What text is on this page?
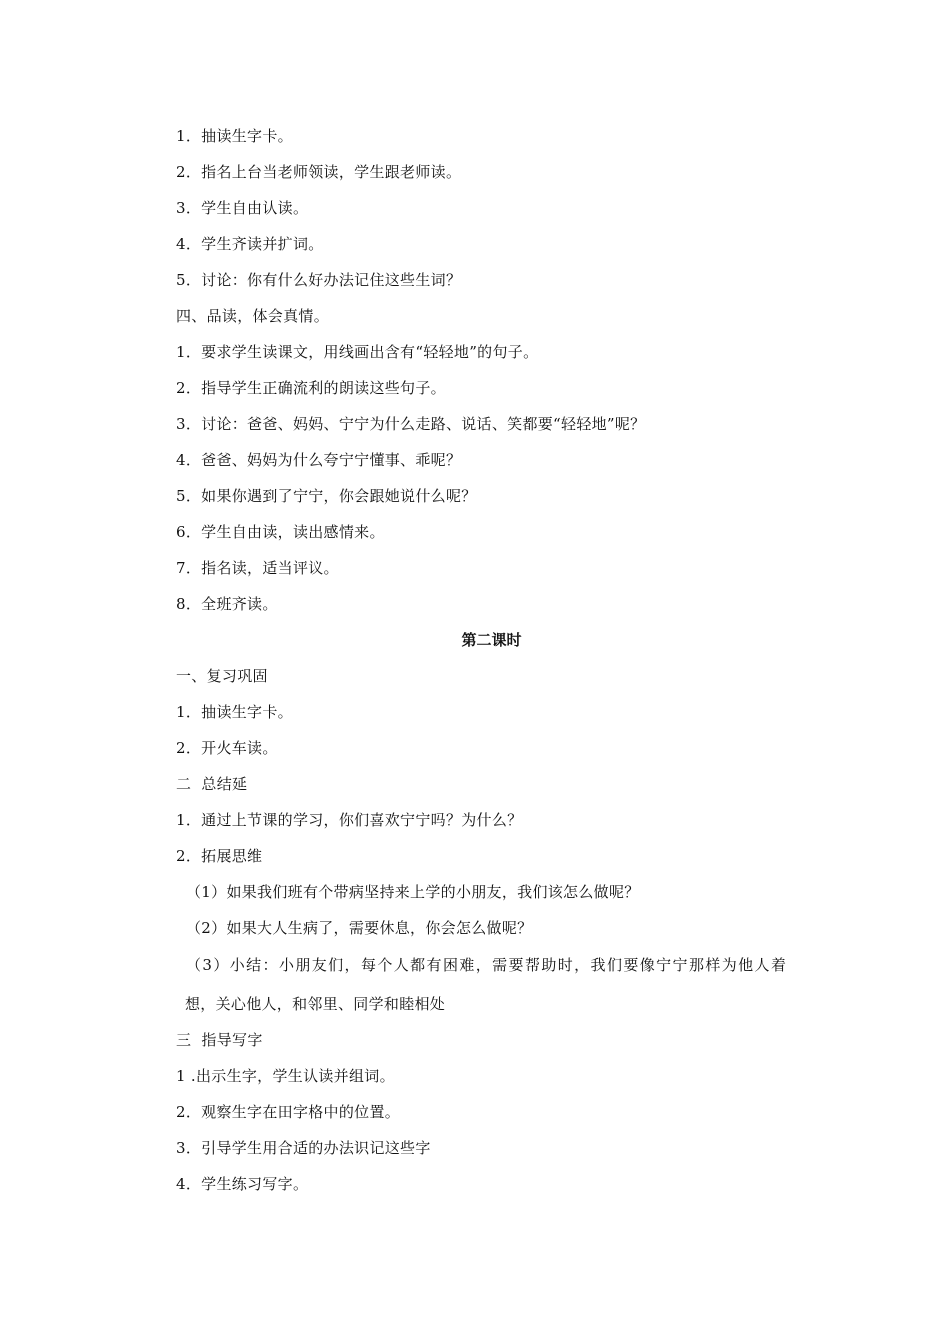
1．抽读生字卡。
2．指名上台当老师领读，学生跟老师读。
3．学生自由认读。
4．学生齐读并扩词。
5．讨论：你有什么好办法记住这些生词？
四、品读，体会真情。
1．要求学生读课文，用线画出含有“轻轻地”的句子。
2．指导学生正确流利的朗读这些句子。
3．讨论：爸爸、妈妈、宁宁为什么走路、说话、笑都要“轻轻地”呢？
4．爸爸、妈妈为什么夸宁宁懂事、乖呢？
5．如果你遇到了宁宁，你会跟她说什么呢？
6．学生自由读，读出感情来。
7．指名读，适当评议。
8．全班齐读。
第二课时
一、复习巩固
1．抽读生字卡。
2．开火车读。
二  总结延
1．通过上节课的学习，你们喜欢宁宁吗？为什么？
2．拓展思维
（1）如果我们班有个带病坚持来上学的小朋友，我们该怎么做呢？
（2）如果大人生病了，需要休息，你会怎么做呢？
（3）小结：小朋友们，每个人都有困难，需要帮助时，我们要像宁宁那样为他人着
想，关心他人，和邻里、同学和睦相处
三  指导写字
1 .出示生字，学生认读并组词。
2．观察生字在田字格中的位置。
3．引导学生用合适的办法识记这些字
4．学生练习写字。
